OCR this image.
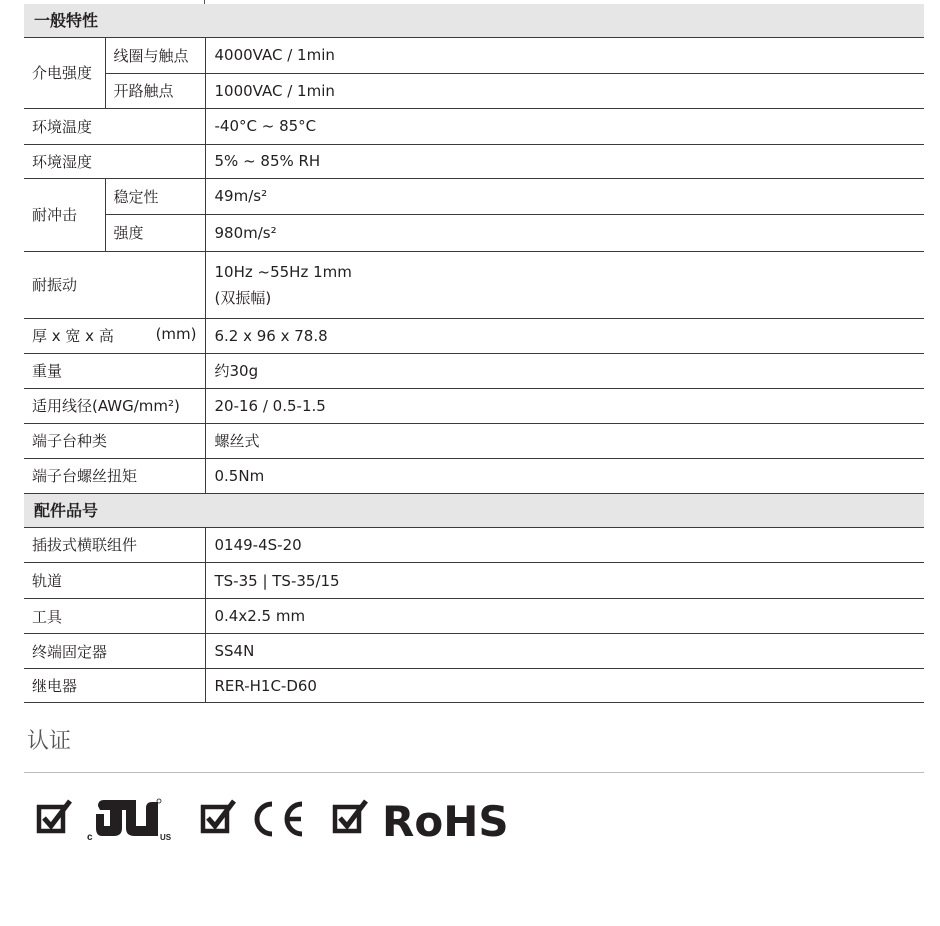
一般特性
介电强度	线圈与触点	4000VAC / 1min
	开路触点	1000VAC / 1min
环境温度		-40°C ~ 85°C
环境湿度		5% ~ 85% RH
耐冲击	稳定性	49m/s²
	强度	980m/s²
耐振动		10Hz ~55Hz 1mm
(双振幅)

厚 x 宽 x 高 (mm)		6.2 x 96 x 78.8
重量		约30g
适用线径(AWG/mm²)		20-16 / 0.5-1.5
端子台种类		螺丝式
端子台螺丝扭矩		0.5Nm
配件品号
插拔式横联组件	0149-4S-20
轨道	TS-35 | TS-35/15
工具	0.4x2.5 mm
终端固定器	SS4N
继电器	RER-H1C-D60
认证
c	US	RoHS
